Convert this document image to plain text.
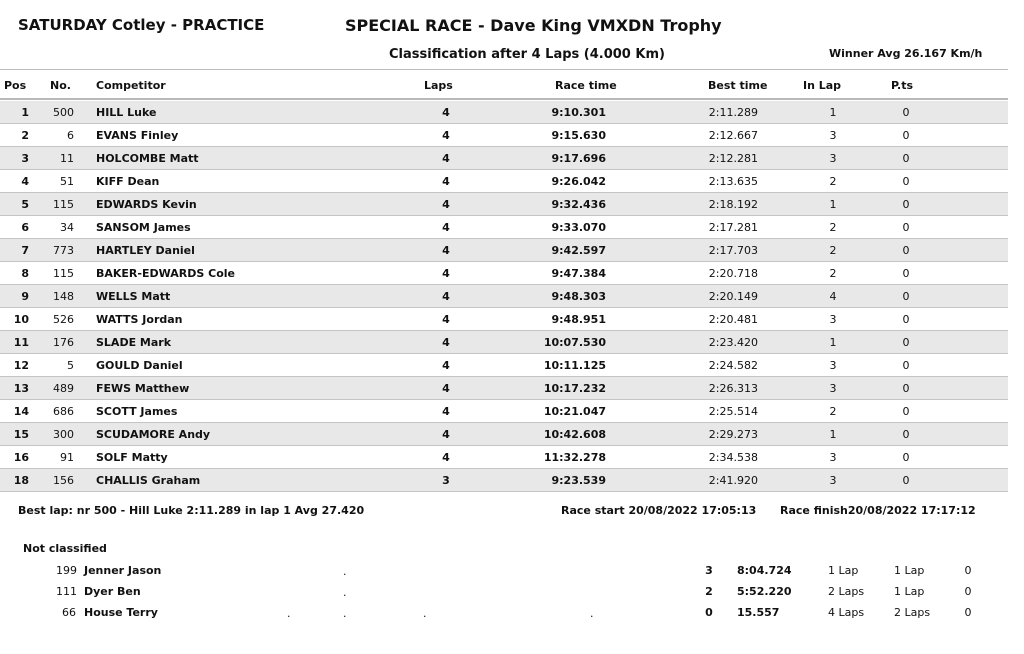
SATURDAY Cotley - PRACTICE	SPECIAL RACE - Dave King VMXDN Trophy
Classification after 4 Laps (4.000 Km)	Winner Avg 26.167 Km/h
Pos No. Competitor	Laps	Race time	Best time	In Lap	P.ts
1	500 HILL Luke	4	9:10.301	2:11.289	1	0
2	6 EVANS Finley	4	9:15.630	2:12.667	3	0
3	11 HOLCOMBE Matt	4	9:17.696	2:12.281	3	0
4	51 KIFF Dean	4	9:26.042	2:13.635	2	0
5	115 EDWARDS Kevin	4	9:32.436	2:18.192	1	0
6	34 SANSOM James	4	9:33.070	2:17.281	2	0
7	773 HARTLEY Daniel	4	9:42.597	2:17.703	2	0
8	115 BAKER-EDWARDS Cole	4	9:47.384	2:20.718	2	0
9	148 WELLS Matt	4	9:48.303	2:20.149	4	0
10	526 WATTS Jordan	4	9:48.951	2:20.481	3	0
11	176 SLADE Mark	4	10:07.530	2:23.420	1	0
12	5 GOULD Daniel	4	10:11.125	2:24.582	3	0
13	489 FEWS Matthew	4	10:17.232	2:26.313	3	0
14	686 SCOTT James	4	10:21.047	2:25.514	2	0
15	300 SCUDAMORE Andy	4	10:42.608	2:29.273	1	0
16	91 SOLF Matty	4	11:32.278	2:34.538	3	0
18	156 CHALLIS Graham	3	9:23.539	2:41.920	3	0
Best lap: nr 500 - Hill Luke 2:11.289 in lap 1 Avg 27.420	Race start 20/08/2022 17:05:13 Race finish20/08/2022 17:17:12
Not classified
199 Jenner Jason	3 8:04.724	1 Lap	1 Lap	0
.
111 Dyer Ben	2 5:52.220	2 Laps	1 Lap	0
.
66 House Terry	0 15.557	4 Laps	2 Laps	0
.	.	.	.
